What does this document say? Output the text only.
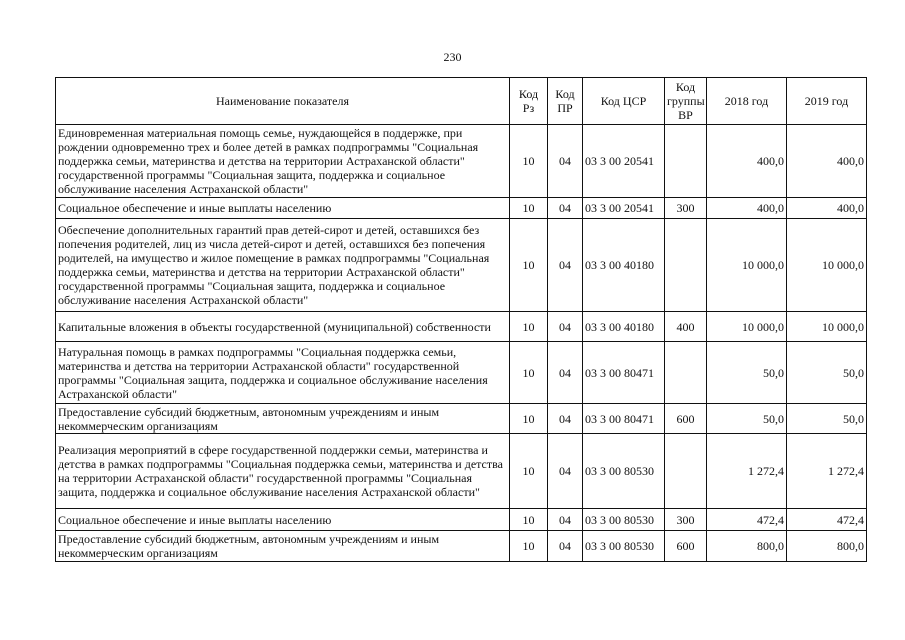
230
Наименование показателя	Код Рз	Код ПР	Код ЦСР	Код группы ВР	2018 год	2019 год
Единовременная материальная помощь семье, нуждающейся в поддержке, при рождении одновременно трех и более детей в рамках подпрограммы "Социальная поддержка семьи, материнства и детства на территории Астраханской области" государственной программы "Социальная защита, поддержка и социальное обслуживание населения Астраханской области"	10	04	03 3 00 20541		400,0	400,0
Социальное обеспечение и иные выплаты населению	10	04	03 3 00 20541	300	400,0	400,0
Обеспечение дополнительных гарантий прав детей-сирот и детей, оставшихся без попечения родителей, лиц из числа детей-сирот и детей, оставшихся без попечения родителей, на имущество и жилое помещение в рамках подпрограммы "Социальная поддержка семьи, материнства и детства на территории Астраханской области" государственной программы "Социальная защита, поддержка и социальное обслуживание населения Астраханской области"	10	04	03 3 00 40180		10 000,0	10 000,0
Капитальные вложения в объекты государственной (муниципальной) собственности	10	04	03 3 00 40180	400	10 000,0	10 000,0
Натуральная помощь в рамках подпрограммы "Социальная поддержка семьи, материнства и детства на территории Астраханской области" государственной программы "Социальная защита, поддержка и социальное обслуживание населения Астраханской области"	10	04	03 3 00 80471		50,0	50,0
Предоставление субсидий бюджетным, автономным учреждениям и иным некоммерческим организациям	10	04	03 3 00 80471	600	50,0	50,0
Реализация мероприятий в сфере государственной поддержки семьи, материнства и детства в рамках подпрограммы "Социальная поддержка семьи, материнства и детства на территории Астраханской области" государственной программы "Социальная защита, поддержка и социальное обслуживание населения Астраханской области"	10	04	03 3 00 80530		1 272,4	1 272,4
Социальное обеспечение и иные выплаты населению	10	04	03 3 00 80530	300	472,4	472,4
Предоставление субсидий бюджетным, автономным учреждениям и иным некоммерческим организациям	10	04	03 3 00 80530	600	800,0	800,0
